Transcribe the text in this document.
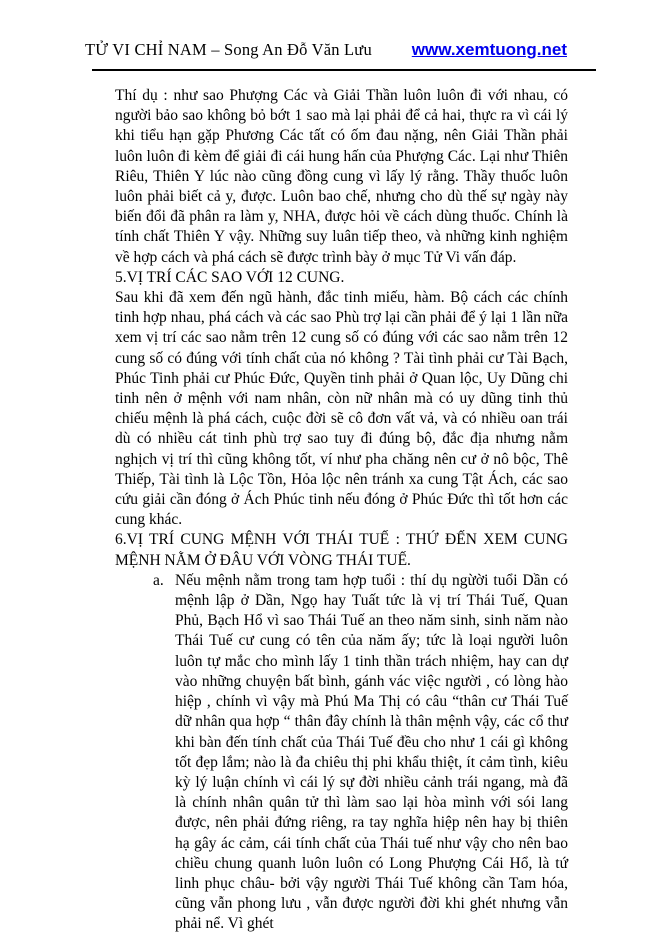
TỬ VI CHỈ NAM – Song An Đỗ Văn Lưu www.xemtuong.net

Thí dụ : như sao Phượng Các và Giải Thần luôn luôn đi với nhau, có người bảo sao không bỏ bớt 1 sao mà lại phải để cả hai, thực ra vì cái lý khi tiểu hạn gặp Phương Các tất có ốm đau nặng, nên Giải Thần phải luôn luôn đi kèm để giải đi cái hung hấn của Phượng Các. Lại như Thiên Riêu, Thiên Y lúc nào cũng đồng cung vì lấy lý rằng. Thầy thuốc luôn luôn phải biết cả y, được. Luôn bao chế, nhưng cho dù thế sự ngày này biến đổi đã phân ra làm y, NHA, được hỏi về cách dùng thuốc. Chính là tính chất Thiên Y vậy. Những suy luân tiếp theo, và những kinh nghiệm về hợp cách và phá cách sẽ được trình bày ở mục Tử Vi vấn đáp.

5.VỊ TRÍ CÁC SAO VỚI 12 CUNG.

Sau khi đã xem đến ngũ hành, đắc tinh miếu, hàm. Bộ cách các chính tinh hợp nhau, phá cách và các sao Phù trợ lại cần phải để ý lại 1 lần nữa xem vị trí các sao nằm trên 12 cung số có đúng với các sao nằm trên 12 cung số có đúng với tính chất của nó không ? Tài tình phải cư Tài Bạch, Phúc Tinh phải cư Phúc Đức, Quyền tinh phải ở Quan lộc, Uy Dũng chi tinh nên ở mệnh với nam nhân, còn nữ nhân mà có uy dũng tinh thủ chiếu mệnh là phá cách, cuộc đời sẽ cô đơn vất vả, và có nhiều oan trái dù có nhiều cát tinh phù trợ sao tuy đi đúng bộ, đắc địa nhưng nằm nghịch vị trí thì cũng không tốt, ví như pha chăng nên cư ở nô bộc, Thê Thiếp, Tài tình là Lộc Tồn, Hỏa lộc nên tránh xa cung Tật Ách, các sao cứu giải cần đóng ở Ách Phúc tinh nếu đóng ở Phúc Đức thì tốt hơn các cung khác.

6.VỊ TRÍ CUNG MỆNH VỚI THÁI TUẾ : THỨ ĐẾN XEM CUNG MỆNH NẰM Ở ĐÂU VỚI VÒNG THÁI TUẾ.
a. Nếu mệnh nằm trong tam hợp tuổi : thí dụ ngừời tuổi Dần có mệnh lập ở Dần, Ngọ hay Tuất tức là vị trí Thái Tuế, Quan Phủ, Bạch Hổ vì sao Thái Tuế an theo năm sinh, sinh năm nào Thái Tuế cư cung có tên của năm ấy; tức là loại người luôn luôn tự mắc cho mình lấy 1 tinh thần trách nhiệm, hay can dự vào những chuyện bất bình, gánh vác việc người , có lòng hào hiệp , chính vì vậy mà Phú Ma Thị có câu “thân cư Thái Tuế dữ nhân qua hợp “ thân đây chính là thân mệnh vậy, các cổ thư khi bàn đến tính chất của Thái Tuế đều cho như 1 cái gì không tốt đẹp lắm; nào là đa chiêu thị phi khẩu thiệt, ít cảm tình, kiêu kỳ lý luận chính vì cái lý sự đời nhiều cảnh trái ngang, mà đã là chính nhân quân tử thì làm sao lại hòa mình với sói lang được, nên phải đứng riêng, ra tay nghĩa hiệp nên hay bị thiên hạ gây ác cảm, cái tính chất của Thái tuế như vậy cho nên bao chiều chung quanh luôn luôn có Long Phượng Cái Hổ, là tứ linh phục châu- bởi vậy người Thái Tuế không cần Tam hóa, cũng vẫn phong lưu , vẫn được người đời khi ghét nhưng vẫn phải nể. Vì ghét
